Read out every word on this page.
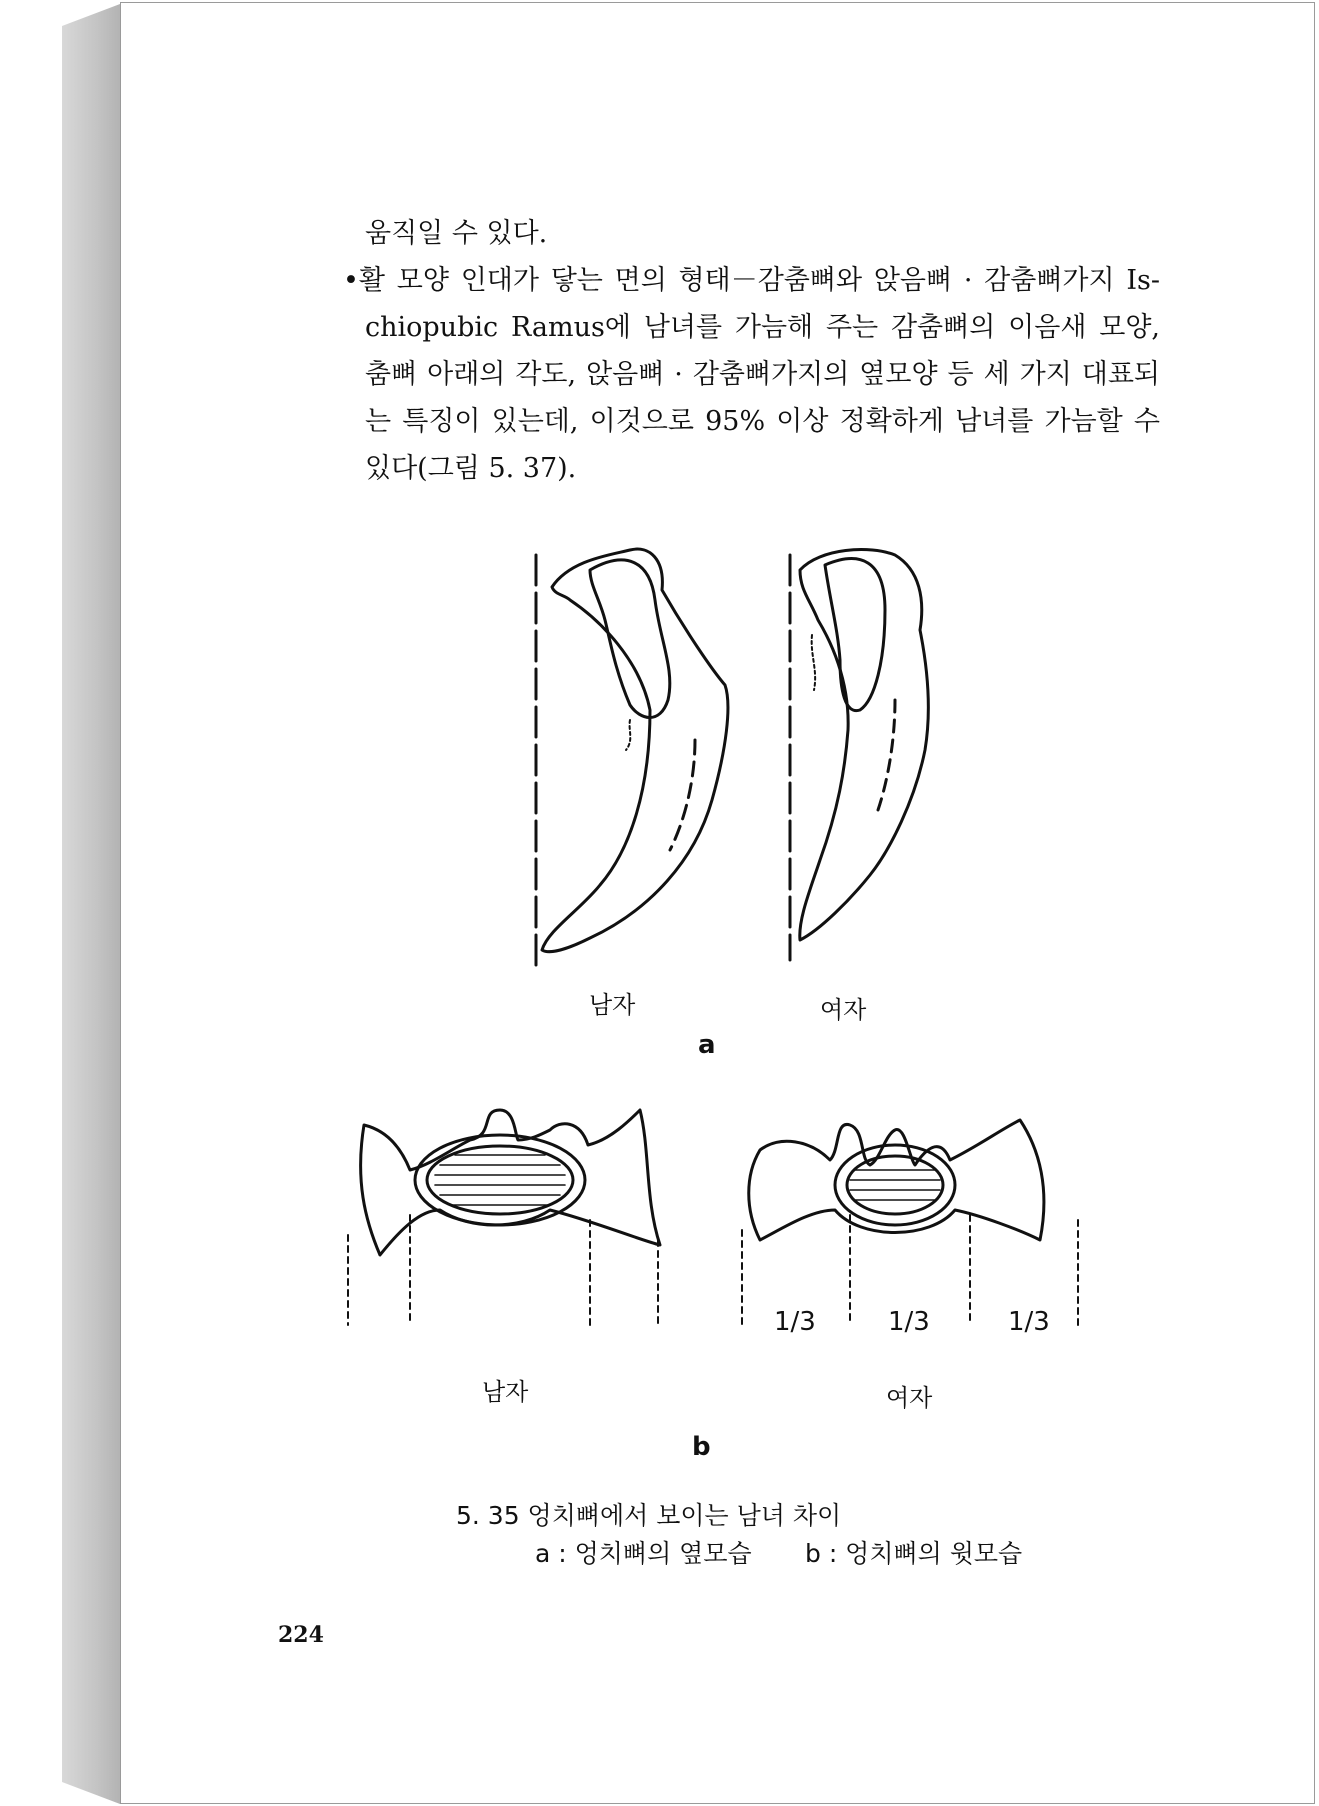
움직일 수 있다.
•활 모양 인대가 닿는 면의 형태－감춤뼈와 앉음뼈 · 감춤뼈가지 Is-
chiopubic Ramus에 남녀를 가늠해 주는 감춤뼈의 이음새 모양,
춤뼈 아래의 각도, 앉음뼈 · 감춤뼈가지의 옆모양 등 세 가지 대표되
는 특징이 있는데, 이것으로 95% 이상 정확하게 남녀를 가늠할 수
있다(그림 5. 37).
남자	여자
a
1/3	1/3	1/3
남자	여자
b
5. 35 엉치뼈에서 보이는 남녀 차이
a : 엉치뼈의 옆모습 b : 엉치뼈의 윗모습
224
